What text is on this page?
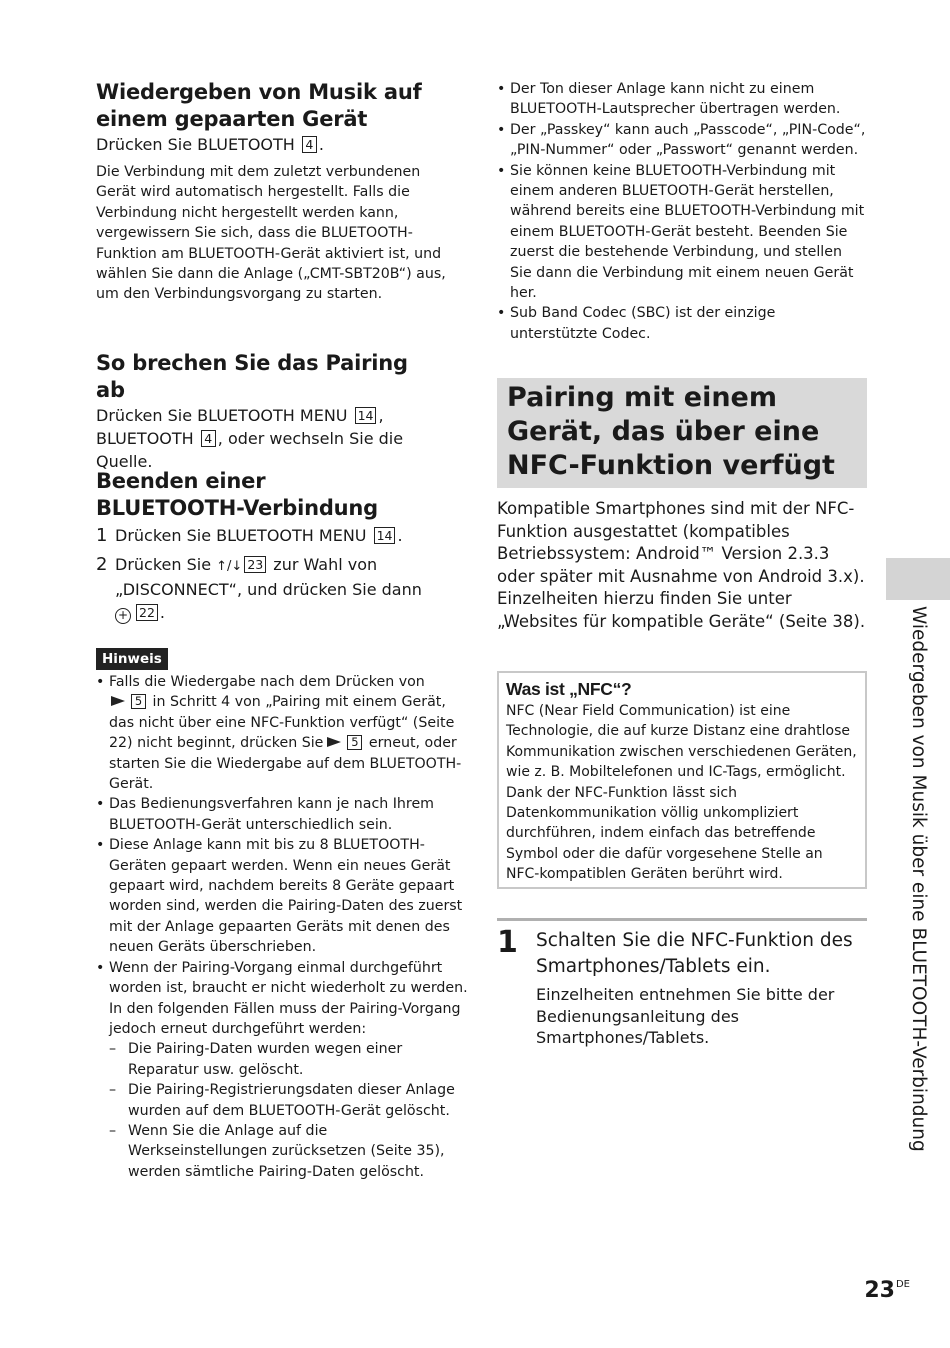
Wiedergeben von Musik auf einem gepaarten Gerät

Drücken Sie BLUETOOTH 4 .

Die Verbindung mit dem zuletzt verbundenen Gerät wird automatisch hergestellt. Falls die Verbindung nicht hergestellt werden kann, vergewissern Sie sich, dass die BLUETOOTH-Funktion am BLUETOOTH-Gerät aktiviert ist, und wählen Sie dann die Anlage („CMT-SBT20B“) aus, um den Verbindungsvorgang zu starten.

So brechen Sie das Pairing ab

Drücken Sie BLUETOOTH MENU 14 , BLUETOOTH 4 , oder wechseln Sie die Quelle.

Beenden einer BLUETOOTH-Verbindung
1 Drücken Sie BLUETOOTH MENU 14 .
2 Drücken Sie ↑/↓ 23 zur Wahl von „DISCONNECT“, und drücken Sie dann
+ 22 .
Hinweis
• Falls die Wiedergabe nach dem Drücken von
5 in Schritt 4 von „Pairing mit einem Gerät, das nicht über eine NFC-Funktion verfügt“ (Seite 22) nicht beginnt, drücken Sie 5 erneut, oder starten Sie die Wiedergabe auf dem BLUETOOTH-Gerät.
• Das Bedienungsverfahren kann je nach Ihrem BLUETOOTH-Gerät unterschiedlich sein.
• Diese Anlage kann mit bis zu 8 BLUETOOTH-Geräten gepaart werden. Wenn ein neues Gerät gepaart wird, nachdem bereits 8 Geräte gepaart worden sind, werden die Pairing-Daten des zuerst mit der Anlage gepaarten Geräts mit denen des neuen Geräts überschrieben.
• Wenn der Pairing-Vorgang einmal durchgeführt worden ist, braucht er nicht wiederholt zu werden. In den folgenden Fällen muss der Pairing-Vorgang jedoch erneut durchgeführt werden:
– Die Pairing-Daten wurden wegen einer Reparatur usw. gelöscht.
– Die Pairing-Registrierungsdaten dieser Anlage wurden auf dem BLUETOOTH-Gerät gelöscht.
– Wenn Sie die Anlage auf die Werkseinstellungen zurücksetzen (Seite 35), werden sämtliche Pairing-Daten gelöscht.
• Der Ton dieser Anlage kann nicht zu einem BLUETOOTH-Lautsprecher übertragen werden.
• Der „Passkey“ kann auch „Passcode“, „PIN-Code“, „PIN-Nummer“ oder „Passwort“ genannt werden.
• Sie können keine BLUETOOTH-Verbindung mit einem anderen BLUETOOTH-Gerät herstellen, während bereits eine BLUETOOTH-Verbindung mit einem BLUETOOTH-Gerät besteht. Beenden Sie zuerst die bestehende Verbindung, und stellen Sie dann die Verbindung mit einem neuen Gerät her.
• Sub Band Codec (SBC) ist der einzige unterstützte Codec.
Pairing mit einem Gerät, das über eine NFC-Funktion verfügt

Kompatible Smartphones sind mit der NFC-Funktion ausgestattet (kompatibles Betriebssystem: Android™ Version 2.3.3 oder später mit Ausnahme von Android 3.x). Einzelheiten hierzu finden Sie unter „Websites für kompatible Geräte“ (Seite 38).

Was ist „NFC“?

NFC (Near Field Communication) ist eine Technologie, die auf kurze Distanz eine drahtlose Kommunikation zwischen verschiedenen Geräten, wie z. B. Mobiltelefonen und IC-Tags, ermöglicht. Dank der NFC-Funktion lässt sich Datenkommunikation völlig unkompliziert durchführen, indem einfach das betreffende Symbol oder die dafür vorgesehene Stelle an NFC-kompatiblen Geräten berührt wird.

1 Schalten Sie die NFC-Funktion des Smartphones/Tablets ein.
Einzelheiten entnehmen Sie bitte der Bedienungsanleitung des Smartphones/Tablets.	Wiedergeben von Musik über eine BLUETOOTH-Verbindung
23DE
